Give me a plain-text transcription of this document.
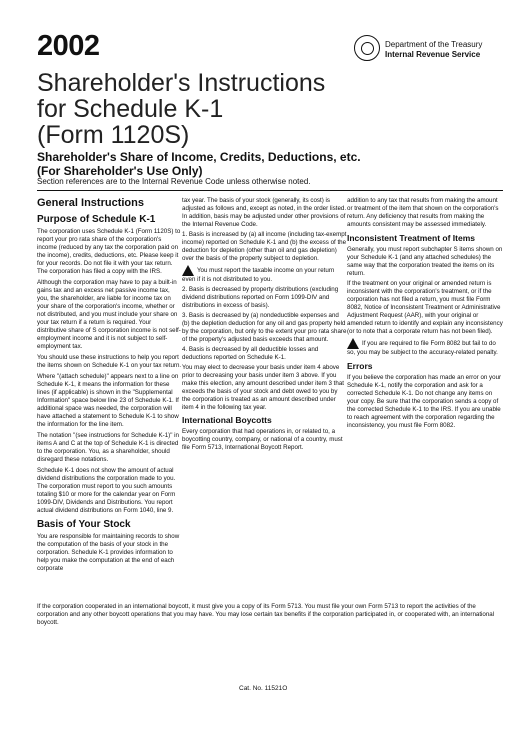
2002	Department of the Treasury
Internal Revenue Service
Shareholder's Instructions
for Schedule K-1
(Form 1120S)
Shareholder's Share of Income, Credits, Deductions, etc.
(For Shareholder's Use Only)
Section references are to the Internal Revenue Code unless otherwise noted.
General Instructions
Purpose of Schedule K-1

The corporation uses Schedule K-1 (Form 1120S) to report your pro rata share of the corporation's income (reduced by any tax the corporation paid on the income), credits, deductions, etc. Please keep it for your records. Do not file it with your tax return. The corporation has filed a copy with the IRS.

Although the corporation may have to pay a built-in gains tax and an excess net passive income tax, you, the shareholder, are liable for income tax on your share of the corporation's income, whether or not distributed, and you must include your share on your tax return if a return is required. Your distributive share of S corporation income is not self-employment income and it is not subject to self-employment tax.

You should use these instructions to help you report the items shown on Schedule K-1 on your tax return.

Where "(attach schedule)" appears next to a line on Schedule K-1, it means the information for these lines (if applicable) is shown in the "Supplemental Information" space below line 23 of Schedule K-1. If additional space was needed, the corporation will have attached a statement to Schedule K-1 to show the information for the line item.

The notation "(see instructions for Schedule K-1)" in items A and C at the top of Schedule K-1 is directed to the corporation. You, as a shareholder, should disregard these notations.

Schedule K-1 does not show the amount of actual dividend distributions the corporation made to you. The corporation must report to you such amounts totaling $10 or more for the calendar year on Form 1099-DIV, Dividends and Distributions. You report actual dividend distributions on Form 1040, line 9.

Basis of Your Stock

You are responsible for maintaining records to show the computation of the basis of your stock in the corporation. Schedule K-1 provides information to help you make the computation at the end of each corporate

tax year. The basis of your stock (generally, its cost) is adjusted as follows and, except as noted, in the order listed. In addition, basis may be adjusted under other provisions of the Internal Revenue Code.

1. Basis is increased by (a) all income (including tax-exempt income) reported on Schedule K-1 and (b) the excess of the deduction for depletion (other than oil and gas depletion) over the basis of the property subject to depletion.

You must report the taxable income on your return even if it is not distributed to you.

2. Basis is decreased by property distributions (excluding dividend distributions reported on Form 1099-DIV and distributions in excess of basis).

3. Basis is decreased by (a) nondeductible expenses and (b) the depletion deduction for any oil and gas property held by the corporation, but only to the extent your pro rata share of the property's adjusted basis exceeds that amount.

4. Basis is decreased by all deductible losses and deductions reported on Schedule K-1.

You may elect to decrease your basis under item 4 above prior to decreasing your basis under item 3 above. If you make this election, any amount described under item 3 that exceeds the basis of your stock and debt owed to you by the corporation is treated as an amount described under item 4 in the following tax year.

International Boycotts

Every corporation that had operations in, or related to, a boycotting country, company, or national of a country, must file Form 5713, International Boycott Report.

addition to any tax that results from making the amount or treatment of the item that shown on the corporation's return. Any deficiency that results from making the amounts consistent may be assessed immediately.

Inconsistent Treatment of Items

Generally, you must report subchapter S items shown on your Schedule K-1 (and any attached schedules) the same way that the corporation treated the items on its return.

If the treatment on your original or amended return is inconsistent with the corporation's treatment, or if the corporation has not filed a return, you must file Form 8082, Notice of Inconsistent Treatment or Administrative Adjustment Request (AAR), with your original or amended return to identify and explain any inconsistency (or to note that a corporate return has not been filed).

If you are required to file Form 8082 but fail to do so, you may be subject to the accuracy-related penalty.

Errors

If you believe the corporation has made an error on your Schedule K-1, notify the corporation and ask for a corrected Schedule K-1. Do not change any items on your copy. Be sure that the corporation sends a copy of the corrected Schedule K-1 to the IRS. If you are unable to reach agreement with the corporation regarding the inconsistency, you must file Form 8082.

If the corporation cooperated in an international boycott, it must give you a copy of its Form 5713. You must file your own Form 5713 to report the activities of the corporation and any other boycott operations that you may have. You may lose certain tax benefits if the corporation participated in, or cooperated with, an international boycott.
Cat. No. 11521O
